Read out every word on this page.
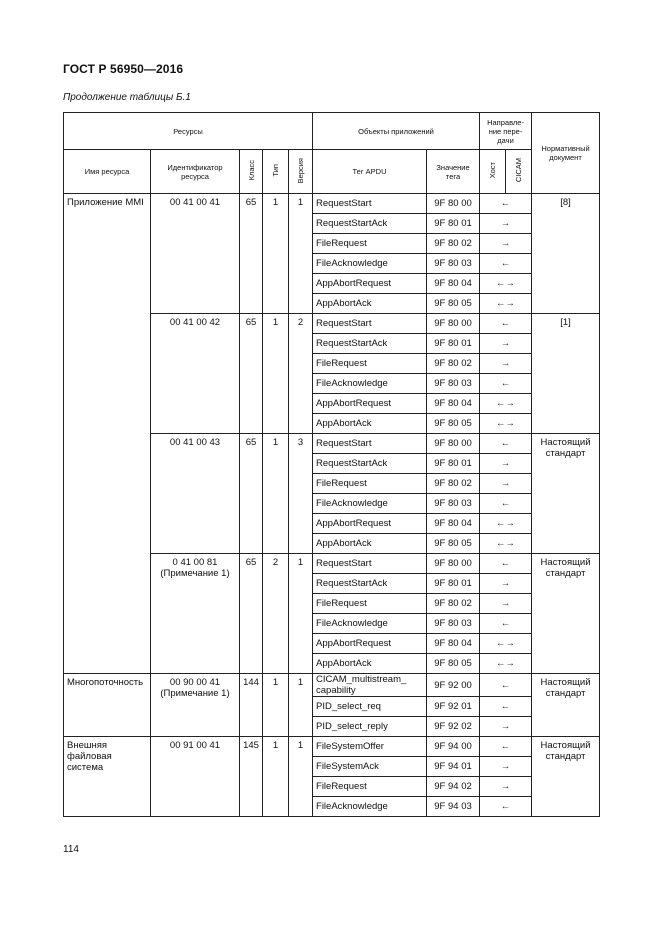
ГОСТ Р 56950—2016
Продолжение таблицы Б.1
Ресурсы					Объекты приложений		Направле-ние пере-дачи		Нормативный документ
Имя ресурса	Идентификатор ресурса	Класс	Тип	Версия	Тег APDU	Значение тега	Хост	CICAM	
Приложение MMI	00 41 00 41	65	1	1	RequestStart	9F 80 00	←		[8]
					RequestStartAck	9F 80 01	→		
					FileRequest	9F 80 02	→		
					FileAcknowledge	9F 80 03	←		
					AppAbortRequest	9F 80 04	←→		
					AppAbortAck	9F 80 05	←→		
	00 41 00 42	65	1	2	RequestStart	9F 80 00	←		[1]
					RequestStartAck	9F 80 01	→		
					FileRequest	9F 80 02	→		
					FileAcknowledge	9F 80 03	←		
					AppAbortRequest	9F 80 04	←→		
					AppAbortAck	9F 80 05	←→		
	00 41 00 43	65	1	3	RequestStart	9F 80 00	←		Настоящий стандарт
					RequestStartAck	9F 80 01	→		
					FileRequest	9F 80 02	→		
					FileAcknowledge	9F 80 03	←		
					AppAbortRequest	9F 80 04	←→		
					AppAbortAck	9F 80 05	←→		
	0 41 00 81 (Примечание 1)	65	2	1	RequestStart	9F 80 00	←		Настоящий стандарт
					RequestStartAck	9F 80 01	→		
					FileRequest	9F 80 02	→		
					FileAcknowledge	9F 80 03	←		
					AppAbortRequest	9F 80 04	←→		
					AppAbortAck	9F 80 05	←→		
Многопоточность	00 90 00 41 (Примечание 1)	144	1	1	CICAM_multistream_ capability	9F 92 00	←		Настоящий стандарт
					PID_select_req	9F 92 01	←		
					PID_select_reply	9F 92 02	→		
Внешняя файловая система	00 91 00 41	145	1	1	FileSystemOffer	9F 94 00	←		Настоящий стандарт
					FileSystemAck	9F 94 01	→		
					FileRequest	9F 94 02	→		
					FileAcknowledge	9F 94 03	←		
114
